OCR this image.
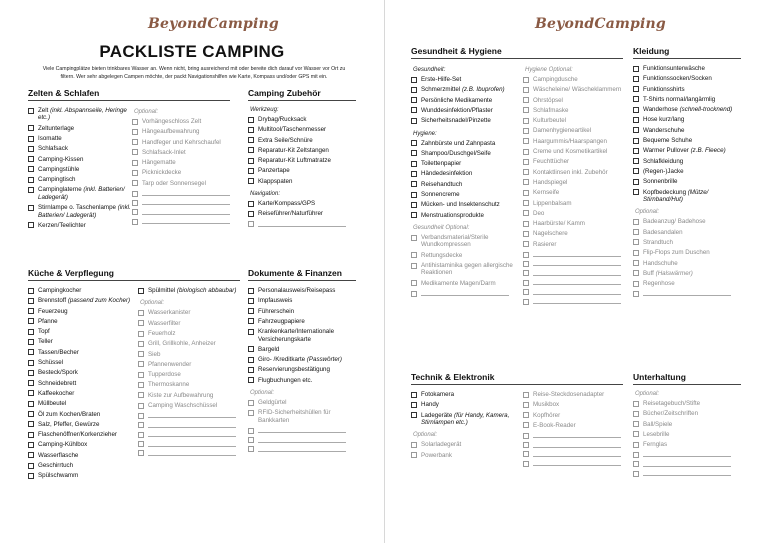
BeyondCamping
PACKLISTE CAMPING
Viele Campingplätze bieten trinkbares Wasser an. Wenn nicht, bring ausreichend mit oder bereite dich darauf vor Wasser vor Ort zu filtern. Wer sehr abgelegen Campen möchte, der packt Navigationshilfen wie Karte, Kompass und/oder GPS mit ein.
Zelten & Schlafen
Zelt (inkl. Abspannseile, Heringe etc.)
Zeltunterlage
Isomatte
Schlafsack
Camping-Kissen
Campingstühle
Campingtisch
Campinglaterne (inkl. Batterien/ Ladegerät)
Stirnlampe o. Taschenlampe (inkl. Batterien/ Ladegerät)
Kerzen/Teelichter
Optional:
Vorhängeschloss Zelt
Hängeaufbewahrung
Handfeger und Kehrschaufel
Schlafsack-Inlet
Hängematte
Picknickdecke
Tarp oder Sonnensegel
Camping Zubehör
Werkzeug:
Drybag/Rucksack
Multitool/Taschenmesser
Extra Seile/Schnüre
Reparatur-Kit Zeltstangen
Reparatur-Kit Luftmatratze
Panzertape
Klappspaten
Navigation:
Karte/Kompass/GPS
Reiseführer/Naturführer
Küche & Verpflegung
Campingkocher
Brennstoff (passend zum Kocher)
Feuerzeug
Pfanne
Topf
Teller
Tassen/Becher
Schüssel
Besteck/Spork
Schneidebrett
Kaffeekocher
Müllbeutel
Öl zum Kochen/Braten
Salz, Pfeffer, Gewürze
Flaschenöffner/Korkenzieher
Camping-Kühlbox
Wasserflasche
Geschirrtuch
Spülschwamm
Spülmittel (biologisch abbaubar)
Optional:
Wasserkanister
Wasserfilter
Feuerholz
Grill, Grillkohle, Anheizer
Sieb
Pfannenwender
Tupperdose
Thermoskanne
Kiste zur Aufbewahrung
Camping Waschschüssel
Dokumente & Finanzen
Personalausweis/Reisepass
Impfausweis
Führerschein
Fahrzeugpapiere
Krankenkarte/Internationale Versicherungskarte
Bargeld
Giro- /Kreditkarte (Passwörter)
Reservierungsbestätigung
Flugbuchungen etc.
Optional:
Geldgürtel
RFID-Sicherheitshüllen für Bankkarten
BeyondCamping
Gesundheit & Hygiene
Gesundheit:
Erste-Hilfe-Set
Schmerzmittel (z.B. Ibuprofen)
Persönliche Medikamente
Wunddesinfektion/Pflaster
Sicherheitsnadel/Pinzette
Hygiene:
Zahnbürste und Zahnpasta
Shampoo/Duschgel/Seife
Toilettenpapier
Händedesinfektion
Reisehandtuch
Sonnencreme
Mücken- und Insektenschutz
Menstruationsprodukte
Gesundheit Optional:
Verbandsmaterial/Sterile Wundkompressen
Rettungsdecke
Antihistaminika gegen allergische Reaktionen
Medikamente Magen/Darm
Hygiene Optional:
Campingdusche
Wäscheleine/ Wäscheklammern
Ohrstöpsel
Schlafmaske
Kulturbeutel
Damenhygieneartikel
Haargummis/Haarspangen
Creme und Kosmetikartikel
Feuchttücher
Kontaktlinsen inkl. Zubehör
Handspiegel
Kernseife
Lippenbalsam
Deo
Haarbürste/ Kamm
Nagelschere
Rasierer
Kleidung
Funktionsunterwäsche
Funktionssocken/Socken
Funktionsshirts
T-Shirts normal/langärmlig
Wanderhose (schnell-trocknend)
Hose kurz/lang
Wanderschuhe
Bequeme Schuhe
Warmer Pullover (z.B. Fleece)
Schlafkleidung
(Regen-)Jacke
Sonnenbrille
Kopfbedeckung (Mütze/ Stirnband/Hut)
Optional:
Badeanzug/ Badehose
Badesandalen
Strandtuch
Flip-Flops zum Duschen
Handschuhe
Buff (Halswärmer)
Regenhose
Technik & Elektronik
Fotokamera
Handy
Ladegeräte (für Handy, Kamera, Stirnlampen etc.)
Optional:
Solarladegerät
Powerbank
Reise-Steckdosenadapter
Musikbox
Kopfhörer
E-Book-Reader
Unterhaltung
Optional:
Reisetagebuch/Stifte
Bücher/Zeitschriften
Ball/Spiele
Lesebrille
Fernglas
